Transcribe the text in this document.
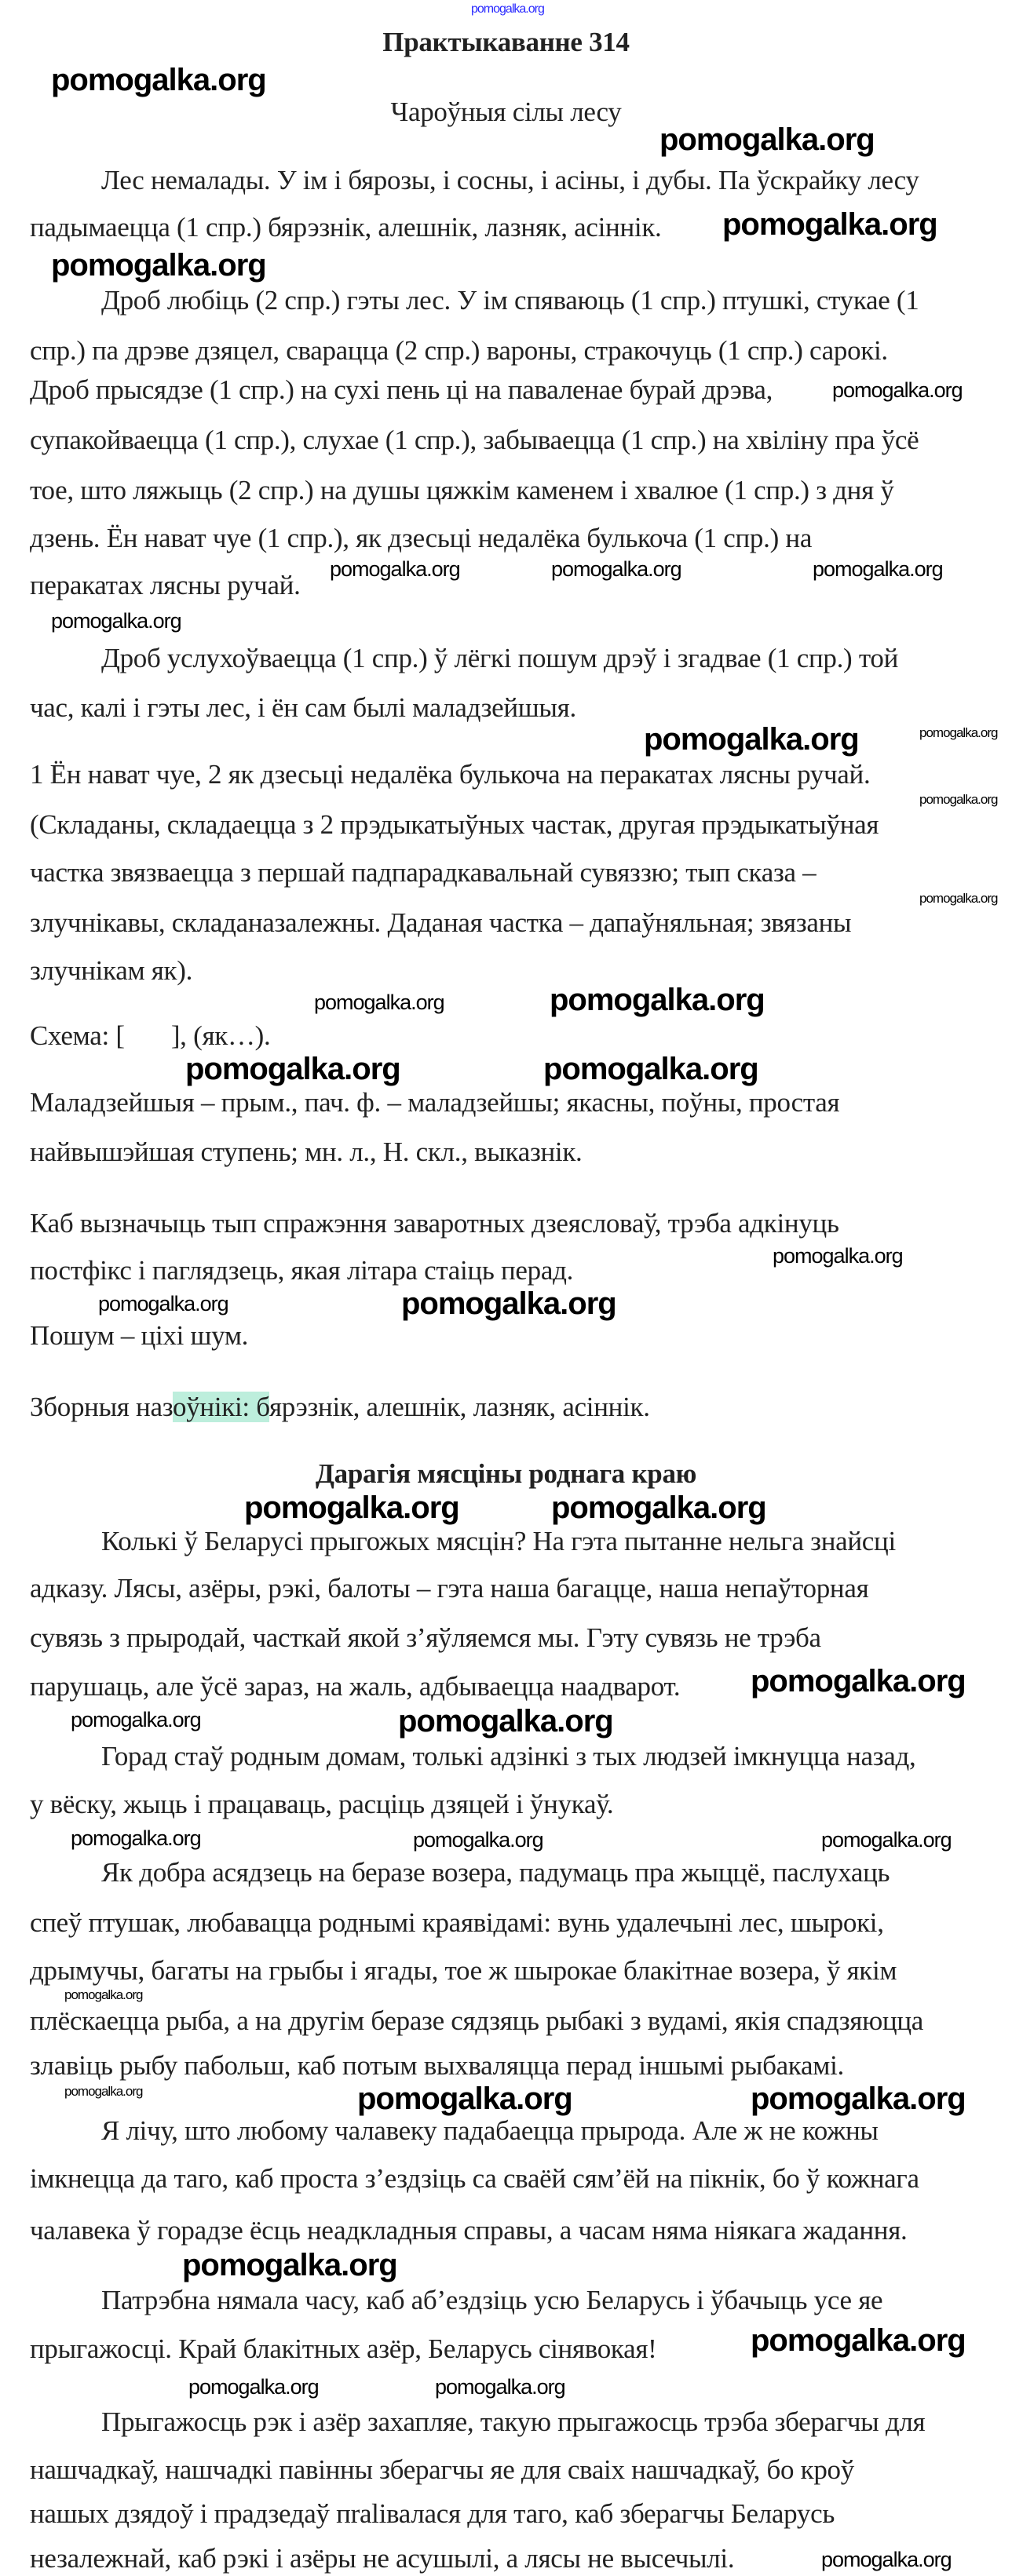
pomogalka.org
Практыкаванне 314
Чароўныя сілы лесу
Лес немалады. У ім і бярозы, і сосны, і асіны, і дубы. Па ўскрайку лесу
падымаецца (1 спр.) бярэзнік, алешнік, лазняк, асіннік.
Дроб любіць (2 спр.) гэты лес. У ім спяваюць (1 спр.) птушкі, стукае (1
спр.) па дрэве дзяцел, сварацца (2 спр.) вароны, стракочуць (1 спр.) сарокі.
Дроб прысядзе (1 спр.) на сухі пень ці на паваленае бурай дрэва,
супакойваецца (1 спр.), слухае (1 спр.), забываецца (1 спр.) на хвіліну пра ўсё
тое, што ляжыць (2 спр.) на душы цяжкім каменем і хвалюе (1 спр.) з дня ў
дзень. Ён нават чуе (1 спр.), як дзесьці недалёка булькоча (1 спр.) на
перакатах лясны ручай.
Дроб услухоўваецца (1 спр.) ў лёгкі пошум дрэў і згадвае (1 спр.) той
час, калі і гэты лес, і ён сам былі маладзейшыя.
1 Ён нават чуе, 2 як дзесьці недалёка булькоча на перакатах лясны ручай.
(Складаны, складаецца з 2 прэдыкатыўных частак, другая прэдыкатыўная
частка звязваецца з першай падпарадкавальнай сувяззю; тып сказа –
злучнікавы, складаназалежны. Даданая частка – дапаўняльная; звязаны
злучнікам як).
Схема: [       ], (як…).
Маладзейшыя – прым., пач. ф. – маладзейшы; якасны, поўны, простая
найвышэйшая ступень; мн. л., Н. скл., выказнік.
Каб вызначыць тып спражэння заваротных дзеясловаў, трэба адкінуць
постфікс і паглядзець, якая літара стаіць перад.
Пошум – ціхі шум.
Зборныя назоўнікі: бярэзнік, алешнік, лазняк, асіннік.
Дарагія мясціны роднага краю
Колькі ў Беларусі прыгожых мясцін? На гэта пытанне нельга знайсці
адказу. Лясы, азёры, рэкі, балоты – гэта наша багацце, наша непаўторная
сувязь з прыродай, часткай якой з’яўляемся мы. Гэту сувязь не трэба
парушаць, але ўсё зараз, на жаль, адбываецца наадварот.
Горад стаў родным домам, толькі адзінкі з тых людзей імкнуцца назад,
у вёску, жыць і працаваць, расціць дзяцей і ўнукаў.
Як добра асядзець на беразе возера, падумаць пра жыццё, паслухаць
спеў птушак, любавацца роднымі краявідамі: вунь удалечыні лес, шырокі,
дрымучы, багаты на грыбы і ягады, тое ж шырокае блакітнае возера, ў якім
плёскаецца рыба, а на другім беразе сядзяць рыбакі з вудамі, якія спадзяюцца
злавіць рыбу пабольш, каб потым выхваляцца перад іншымі рыбакамі.
Я лічу, што любому чалавеку падабаецца прырода. Але ж не кожны
імкнецца да таго, каб проста з’ездзіць са сваёй сям’ёй на пікнік, бо ў кожнага
чалавека ў горадзе ёсць неадкладныя справы, а часам няма ніякага жадання.
Патрэбна нямала часу, каб аб’ездзіць усю Беларусь і ўбачыць усе яе
прыгажосці. Край блакітных азёр, Беларусь сінявокая!
Прыгажосць рэк і азёр захапляе, такую прыгажосць трэба зберагчы для
нашчадкаў, нашчадкі павінны зберагчы яе для сваіх нашчадкаў, бо кроў
нашых дзядоў і прадзедаў пralівалася для таго, каб зберагчы Беларусь
незалежнай, каб рэкі і азёры не асушылі, а лясы не высечылі.
pomogalka.org
pomogalka.org
pomogalka.org
pomogalka.org
pomogalka.org
pomogalka.org
pomogalka.org	pomogalka.org
pomogalka.org
pomogalka.org	pomogalka.org
pomogalka.org
pomogalka.org
pomogalka.org	pomogalka.org
pomogalka.org
pomogalka.org
pomogalka.org
pomogalka.org
pomogalka.org	pomogalka.org	pomogalka.org
pomogalka.org
pomogalka.org
pomogalka.org
pomogalka.org
pomogalka.org	pomogalka.org	pomogalka.org
pomogalka.org	pomogalka.org
pomogalka.org
pomogalka.org
pomogalka.org
pomogalka.org
pomogalka.org
pomogalka.org
